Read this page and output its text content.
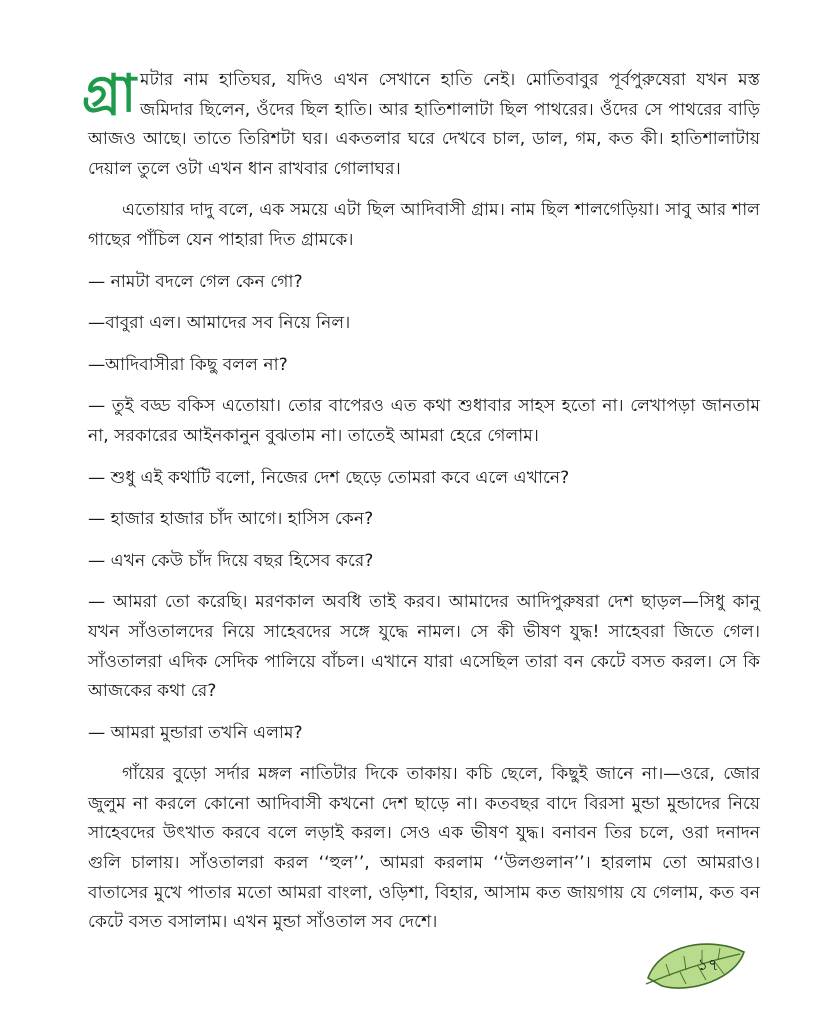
গ্রা মটার নাম হাতিঘর, যদিও এখন সেখানে হাতি নেই। মোতিবাবুর পূর্বপুরুষেরা যখন মস্ত জমিদার ছিলেন, ওঁদের ছিল হাতি। আর হাতিশালাটা ছিল পাথরের। ওঁদের সে পাথরের বাড়ি আজও আছে। তাতে তিরিশটা ঘর। একতলার ঘরে দেখবে চাল, ডাল, গম, কত কী। হাতিশালাটায় দেয়াল তুলে ওটা এখন ধান রাখবার গোলাঘর।

এতোয়ার দাদু বলে, এক সময়ে এটা ছিল আদিবাসী গ্রাম। নাম ছিল শালগেড়িয়া। সাবু আর শাল গাছের পাঁচিল যেন পাহারা দিত গ্রামকে।

— নামটা বদলে গেল কেন গো?

—বাবুরা এল। আমাদের সব নিয়ে নিল।

—আদিবাসীরা কিছু বলল না?

— তুই বড্ড বকিস এতোয়া। তোর বাপেরও এত কথা শুধাবার সাহস হতো না। লেখাপড়া জানতাম না, সরকারের আইনকানুন বুঝতাম না। তাতেই আমরা হেরে গেলাম।

— শুধু এই কথাটি বলো, নিজের দেশ ছেড়ে তোমরা কবে এলে এখানে?

— হাজার হাজার চাঁদ আগে। হাসিস কেন?

— এখন কেউ চাঁদ দিয়ে বছর হিসেব করে?

— আমরা তো করেছি। মরণকাল অবধি তাই করব। আমাদের আদিপুরুষরা দেশ ছাড়ল—সিধু কানু যখন সাঁওতালদের নিয়ে সাহেবদের সঙ্গে যুদ্ধে নামল। সে কী ভীষণ যুদ্ধ! সাহেবরা জিতে গেল। সাঁওতালরা এদিক সেদিক পালিয়ে বাঁচল। এখানে যারা এসেছিল তারা বন কেটে বসত করল। সে কি আজকের কথা রে?

— আমরা মুন্ডারা তখনি এলাম?

গাঁয়ের বুড়ো সর্দার মঙ্গল নাতিটার দিকে তাকায়। কচি ছেলে, কিছুই জানে না।—ওরে, জোর জুলুম না করলে কোনো আদিবাসী কখনো দেশ ছাড়ে না। কতবছর বাদে বিরসা মুন্ডা মুন্ডাদের নিয়ে সাহেবদের উৎখাত করবে বলে লড়াই করল। সেও এক ভীষণ যুদ্ধ। বনাবন তির চলে, ওরা দনাদন গুলি চালায়। সাঁওতালরা করল ‘‘হুল’’, আমরা করলাম ‘‘উলগুলান’’। হারলাম তো আমরাও। বাতাসের মুখে পাতার মতো আমরা বাংলা, ওড়িশা, বিহার, আসাম কত জায়গায় যে গেলাম, কত বন কেটে বসত বসালাম। এখন মুন্ডা সাঁওতাল সব দেশে।

১৭
